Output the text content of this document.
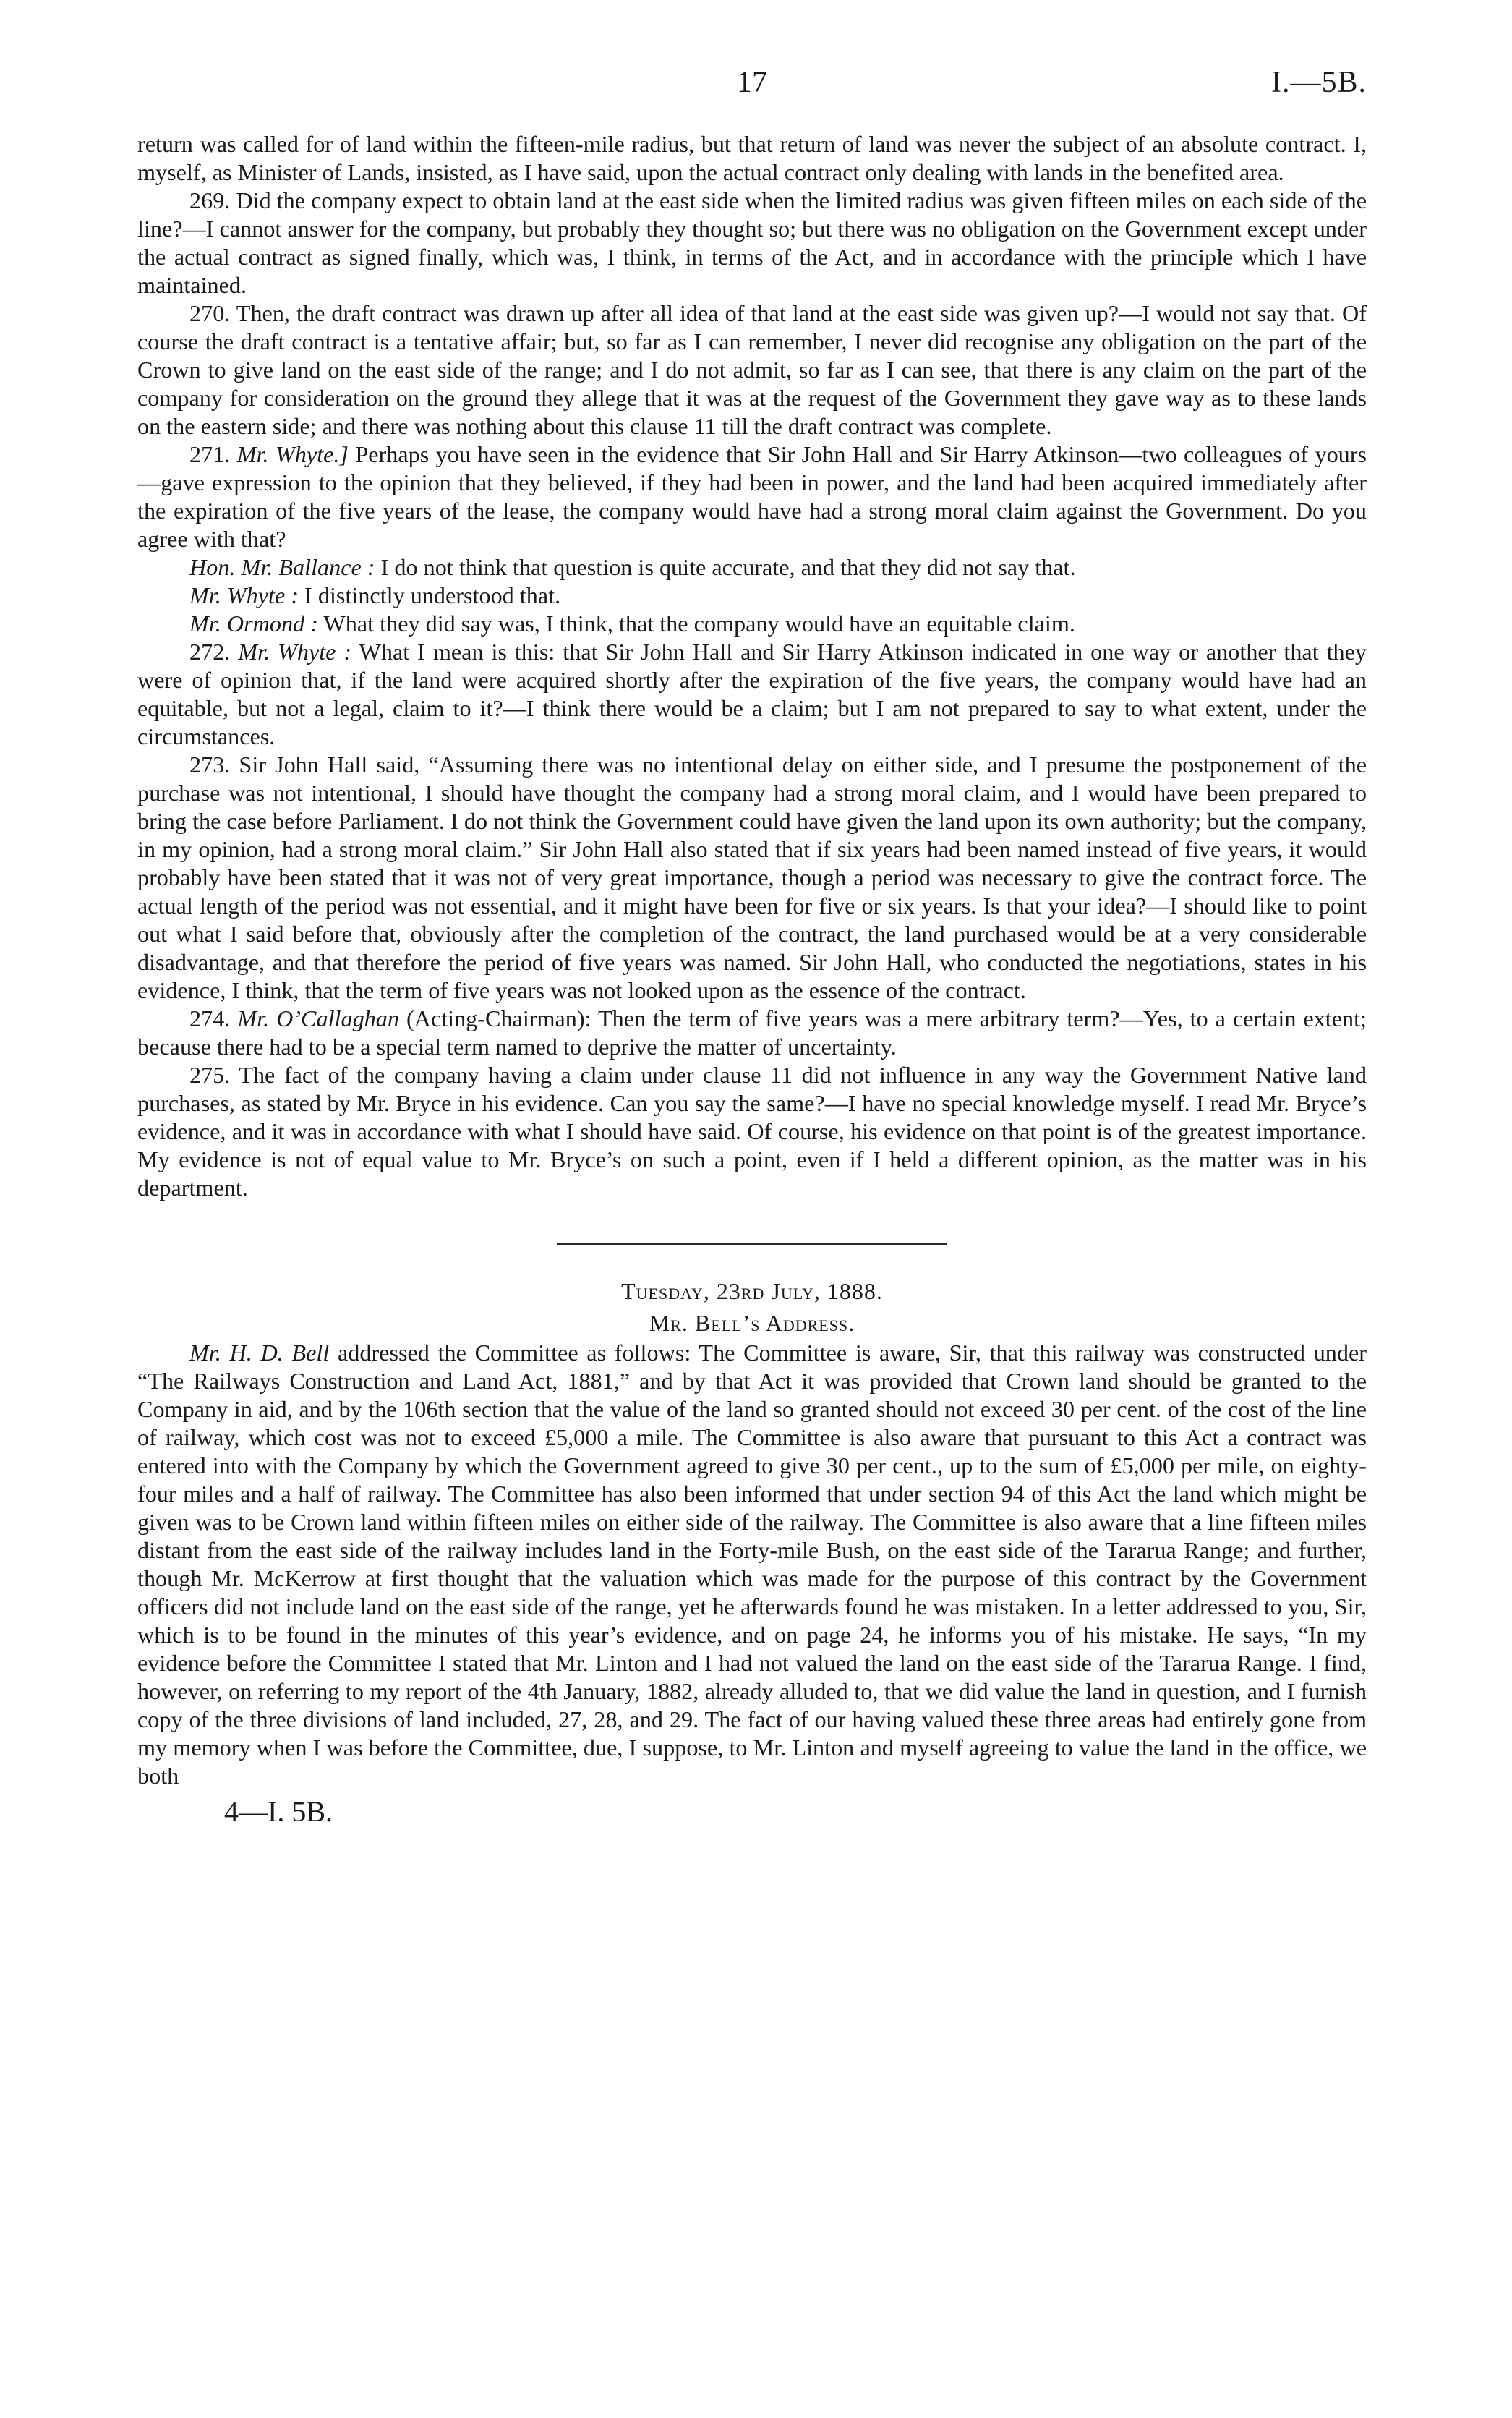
17	I.—5B.

return was called for of land within the fifteen-mile radius, but that return of land was never the subject of an absolute contract. I, myself, as Minister of Lands, insisted, as I have said, upon the actual contract only dealing with lands in the benefited area.

269. Did the company expect to obtain land at the east side when the limited radius was given fifteen miles on each side of the line?—I cannot answer for the company, but probably they thought so; but there was no obligation on the Government except under the actual contract as signed finally, which was, I think, in terms of the Act, and in accordance with the principle which I have maintained.

270. Then, the draft contract was drawn up after all idea of that land at the east side was given up?—I would not say that. Of course the draft contract is a tentative affair; but, so far as I can remember, I never did recognise any obligation on the part of the Crown to give land on the east side of the range; and I do not admit, so far as I can see, that there is any claim on the part of the company for consideration on the ground they allege that it was at the request of the Government they gave way as to these lands on the eastern side; and there was nothing about this clause 11 till the draft contract was complete.

271. Mr. Whyte.] Perhaps you have seen in the evidence that Sir John Hall and Sir Harry Atkinson—two colleagues of yours—gave expression to the opinion that they believed, if they had been in power, and the land had been acquired immediately after the expiration of the five years of the lease, the company would have had a strong moral claim against the Government. Do you agree with that?

Hon. Mr. Ballance : I do not think that question is quite accurate, and that they did not say that.

Mr. Whyte : I distinctly understood that.

Mr. Ormond : What they did say was, I think, that the company would have an equitable claim.

272. Mr. Whyte : What I mean is this: that Sir John Hall and Sir Harry Atkinson indicated in one way or another that they were of opinion that, if the land were acquired shortly after the expiration of the five years, the company would have had an equitable, but not a legal, claim to it?—I think there would be a claim; but I am not prepared to say to what extent, under the circumstances.

273. Sir John Hall said, “Assuming there was no intentional delay on either side, and I presume the postponement of the purchase was not intentional, I should have thought the company had a strong moral claim, and I would have been prepared to bring the case before Parliament. I do not think the Government could have given the land upon its own authority; but the company, in my opinion, had a strong moral claim.” Sir John Hall also stated that if six years had been named instead of five years, it would probably have been stated that it was not of very great importance, though a period was necessary to give the contract force. The actual length of the period was not essential, and it might have been for five or six years. Is that your idea?—I should like to point out what I said before that, obviously after the completion of the contract, the land purchased would be at a very considerable disadvantage, and that therefore the period of five years was named. Sir John Hall, who conducted the negotiations, states in his evidence, I think, that the term of five years was not looked upon as the essence of the contract.

274. Mr. O’Callaghan (Acting-Chairman): Then the term of five years was a mere arbitrary term?—Yes, to a certain extent; because there had to be a special term named to deprive the matter of uncertainty.

275. The fact of the company having a claim under clause 11 did not influence in any way the Government Native land purchases, as stated by Mr. Bryce in his evidence. Can you say the same?—I have no special knowledge myself. I read Mr. Bryce’s evidence, and it was in accordance with what I should have said. Of course, his evidence on that point is of the greatest importance. My evidence is not of equal value to Mr. Bryce’s on such a point, even if I held a different opinion, as the matter was in his department.

Tuesday, 23rd July, 1888.

Mr. Bell’s Address.

Mr. H. D. Bell addressed the Committee as follows: The Committee is aware, Sir, that this railway was constructed under “The Railways Construction and Land Act, 1881,” and by that Act it was provided that Crown land should be granted to the Company in aid, and by the 106th section that the value of the land so granted should not exceed 30 per cent. of the cost of the line of railway, which cost was not to exceed £5,000 a mile. The Committee is also aware that pursuant to this Act a contract was entered into with the Company by which the Government agreed to give 30 per cent., up to the sum of £5,000 per mile, on eighty-four miles and a half of railway. The Committee has also been informed that under section 94 of this Act the land which might be given was to be Crown land within fifteen miles on either side of the railway. The Committee is also aware that a line fifteen miles distant from the east side of the railway includes land in the Forty-mile Bush, on the east side of the Tararua Range; and further, though Mr. McKerrow at first thought that the valuation which was made for the purpose of this contract by the Government officers did not include land on the east side of the range, yet he afterwards found he was mistaken. In a letter addressed to you, Sir, which is to be found in the minutes of this year’s evidence, and on page 24, he informs you of his mistake. He says, “In my evidence before the Committee I stated that Mr. Linton and I had not valued the land on the east side of the Tararua Range. I find, however, on referring to my report of the 4th January, 1882, already alluded to, that we did value the land in question, and I furnish copy of the three divisions of land included, 27, 28, and 29. The fact of our having valued these three areas had entirely gone from my memory when I was before the Committee, due, I suppose, to Mr. Linton and myself agreeing to value the land in the office, we both

4—I. 5B.
